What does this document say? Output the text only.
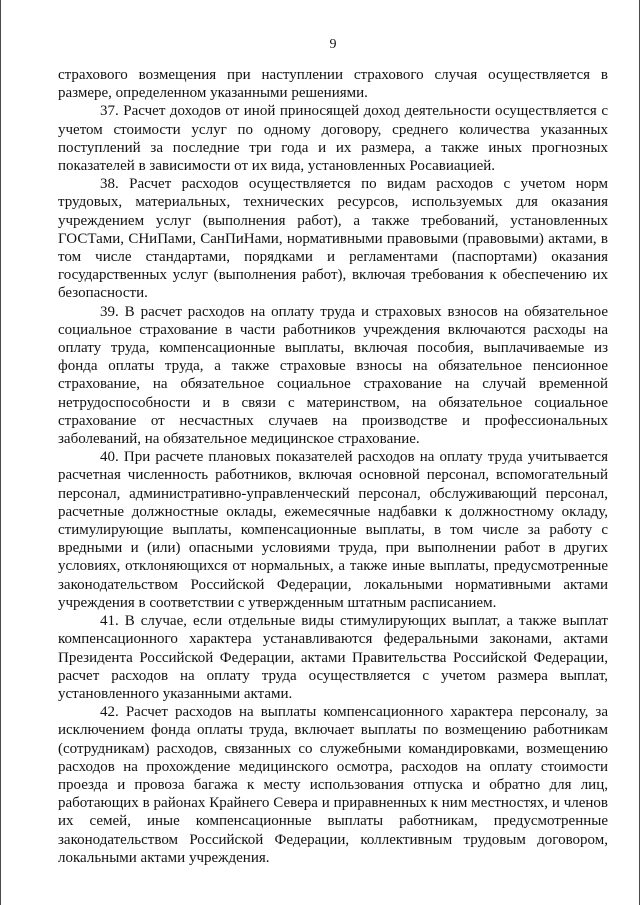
9

страхового возмещения при наступлении страхового случая осуществляется в размере, определенном указанными решениями.

37. Расчет доходов от иной приносящей доход деятельности осуществляется с учетом стоимости услуг по одному договору, среднего количества указанных поступлений за последние три года и их размера, а также иных прогнозных показателей в зависимости от их вида, установленных Росавиацией.

38. Расчет расходов осуществляется по видам расходов с учетом норм трудовых, материальных, технических ресурсов, используемых для оказания учреждением услуг (выполнения работ), а также требований, установленных ГОСТами, СНиПами, СанПиНами, нормативными правовыми (правовыми) актами, в том числе стандартами, порядками и регламентами (паспортами) оказания государственных услуг (выполнения работ), включая требования к обеспечению их безопасности.

39. В расчет расходов на оплату труда и страховых взносов на обязательное социальное страхование в части работников учреждения включаются расходы на оплату труда, компенсационные выплаты, включая пособия, выплачиваемые из фонда оплаты труда, а также страховые взносы на обязательное пенсионное страхование, на обязательное социальное страхование на случай временной нетрудоспособности и в связи с материнством, на обязательное социальное страхование от несчастных случаев на производстве и профессиональных заболеваний, на обязательное медицинское страхование.

40. При расчете плановых показателей расходов на оплату труда учитывается расчетная численность работников, включая основной персонал, вспомогательный персонал, административно-управленческий персонал, обслуживающий персонал, расчетные должностные оклады, ежемесячные надбавки к должностному окладу, стимулирующие выплаты, компенсационные выплаты, в том числе за работу с вредными и (или) опасными условиями труда, при выполнении работ в других условиях, отклоняющихся от нормальных, а также иные выплаты, предусмотренные законодательством Российской Федерации, локальными нормативными актами учреждения в соответствии с утвержденным штатным расписанием.

41. В случае, если отдельные виды стимулирующих выплат, а также выплат компенсационного характера устанавливаются федеральными законами, актами Президента Российской Федерации, актами Правительства Российской Федерации, расчет расходов на оплату труда осуществляется с учетом размера выплат, установленного указанными актами.

42. Расчет расходов на выплаты компенсационного характера персоналу, за исключением фонда оплаты труда, включает выплаты по возмещению работникам (сотрудникам) расходов, связанных со служебными командировками, возмещению расходов на прохождение медицинского осмотра, расходов на оплату стоимости проезда и провоза багажа к месту использования отпуска и обратно для лиц, работающих в районах Крайнего Севера и приравненных к ним местностях, и членов их семей, иные компенсационные выплаты работникам, предусмотренные законодательством Российской Федерации, коллективным трудовым договором, локальными актами учреждения.
